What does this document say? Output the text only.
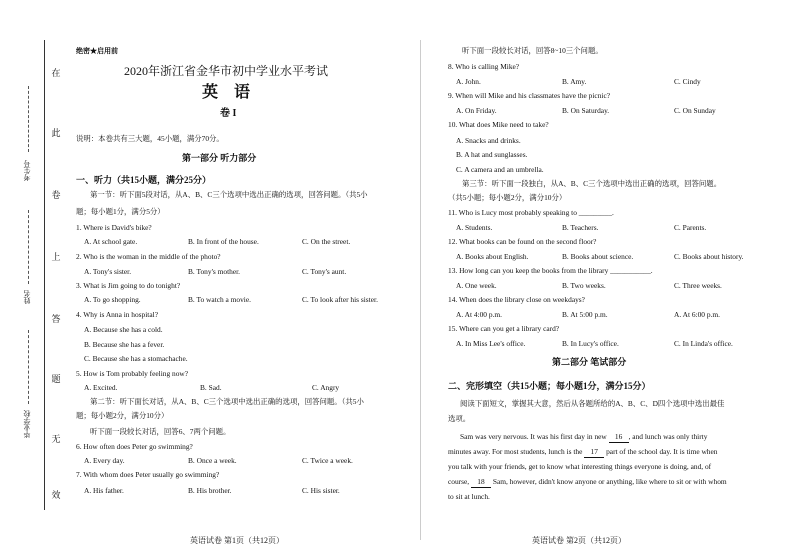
在
此
卷
上
答
题
无
效
考生号
姓名
毕业学校
绝密★启用前
2020年浙江省金华市初中学业水平考试
英 语
卷 I
说明：本卷共有三大题，45小题，满分70分。
第一部分 听力部分
一、听力（共15小题，满分25分）
第一节：听下面5段对话，从A、B、C三个选项中选出正确的选项，回答问题。（共5小
题；每小题1分，满分5分）
1. Where is David's bike?
A. At school gate.	B. In front of the house.	C. On the street.
2. Who is the woman in the middle of the photo?
A. Tony's sister.	B. Tony's mother.	C. Tony's aunt.
3. What is Jim going to do tonight?
A. To go shopping.	B. To watch a movie.	C. To look after his sister.
4. Why is Anna in hospital?
A. Because she has a cold.
B. Because she has a fever.
C. Because she has a stomachache.
5. How is Tom probably feeling now?
A. Excited.	B. Sad.	C. Angry
第二节：听下面长对话，从A、B、C三个选项中选出正确的选项，回答问题。（共5小
题；每小题2分，满分10分）
听下面一段较长对话，回答6、7两个问题。
6. How often does Peter go swimming?
A. Every day.	B. Once a week.	C. Twice a week.
7. With whom does Peter usually go swimming?
A. His father.	B. His brother.	C. His sister.
英语试卷 第1页（共12页）
听下面一段较长对话，回答8~10三个问题。
8. Who is calling Mike?
A. John.	B. Amy.	C. Cindy
9. When will Mike and his classmates have the picnic?
A. On Friday.	B. On Saturday.	C. On Sunday
10. What does Mike need to take?
A. Snacks and drinks.
B. A hat and sunglasses.
C. A camera and an umbrella.
第三节：听下面一段独白，从A、B、C三个选项中选出正确的选项，回答问题。
（共5小题；每小题2分，满分10分）
11. Who is Lucy most probably speaking to _________.
A. Students.	B. Teachers.	C. Parents.
12. What books can be found on the second floor?
A. Books about English.	B. Books about science.	C. Books about history.
13. How long can you keep the books from the library ___________.
A. One week.	B. Two weeks.	C. Three weeks.
14. When does the library close on weekdays?
A. At 4:00 p.m.	B. At 5:00 p.m.	A. At 6:00 p.m.
15. Where can you get a library card?
A. In Miss Lee's office.	B. In Lucy's office.	C. In Linda's office.
第二部分 笔试部分
二、完形填空（共15小题；每小题1分，满分15分）
阅读下面短文，掌握其大意，然后从各题所给的A、B、C、D四个选项中选出最佳
选项。
Sam was very nervous. It was his first day in new 16 , and lunch was only thirty
minutes away. For most students, lunch is the 17 part of the school day. It is time when
you talk with your friends, get to know what interesting things everyone is doing, and, of
course, 18 Sam, however, didn't know anyone or anything, like where to sit or with whom
to sit at lunch.
英语试卷 第2页（共12页）
